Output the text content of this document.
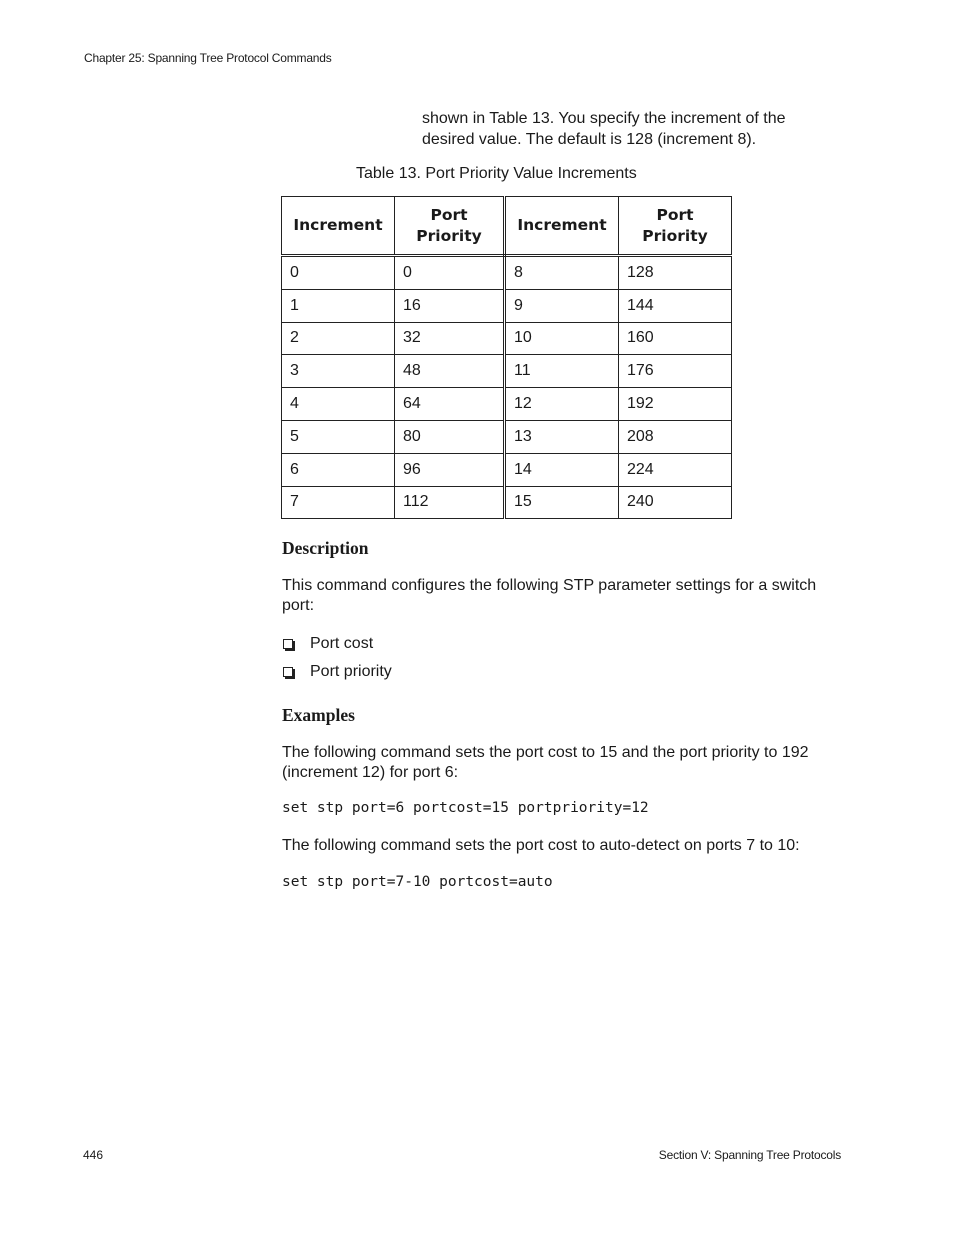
Chapter 25: Spanning Tree Protocol Commands

shown in Table 13. You specify the increment of the desired value. The default is 128 (increment 8).

Table 13. Port Priority Value Increments
Increment	Port Priority	Increment	Port Priority
0	0	8	128
1	16	9	144
2	32	10	160
3	48	11	176
4	64	12	192
5	80	13	208
6	96	14	224
7	112	15	240
Description

This command configures the following STP parameter settings for a switch port:

Port cost
Port priority
Examples

The following command sets the port cost to 15 and the port priority to 192 (increment 12) for port 6:

set stp port=6 portcost=15 portpriority=12

The following command sets the port cost to auto-detect on ports 7 to 10:

set stp port=7-10 portcost=auto
446	Section V: Spanning Tree Protocols
